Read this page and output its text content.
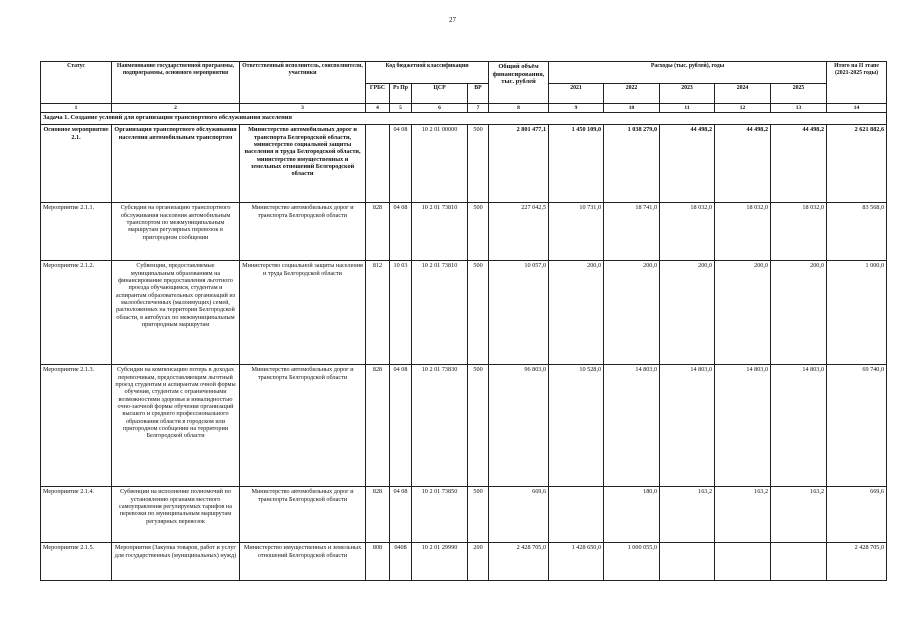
27
Статус	Наименование государственной программы, подпрограммы, основного мероприятия	Ответственный исполнитель, соисполнители, участники	Код бюджетной классификации				Общий объём финансирования, тыс. рублей	Расходы (тыс. рублей), годы					Итого на II этапе (2021-2025 годы)
			ГРБС	Рз Пр	ЦСР	ВР		2021	2022	2023	2024	2025	
1	2	3	4	5	6	7	8	9	10	11	12	13	14
Задача 1. Создание условий для организации транспортного обслуживания населения													
Основное мероприятие 2.1.	Организация транспортного обслуживания населения автомобильным транспортом	Министерство автомобильных дорог и транспорта Белгородской области, министерство социальной защиты населения и труда Белгородской области, министерство имущественных и земельных отношений Белгородской области		04 08	10 2 01 00000	500	2 801 477,1	1 450 109,0	1 038 279,0	44 498,2	44 498,2	44 498,2	2 621 882,6
Мероприятие 2.1.1.	Субсидии на организацию транспортного обслуживания населения автомобильным транспортом по межмуниципальным маршрутам регулярных перевозок в пригородном сообщении	Министерство автомобильных дорог и транспорта Белгородской области	828	04 08	10 2 01 73810	500	227 042,5	10 731,0	18 741,0	18 032,0	18 032,0	18 032,0	83 568,0
Мероприятие 2.1.2.	Субвенции, предоставляемые муниципальным образованиям на финансирование предоставления льготного проезда обучающимся, студентам и аспирантам образовательных организаций из малообеспеченных (малоимущих) семей, расположенных на территории Белгородской области, в автобусах по межмуниципальным пригородным маршрутам	Министерство социальной защиты населения и труда Белгородской области	812	10 03	10 2 01 73810	500	10 057,0	200,0	200,0	200,0	200,0	200,0	1 000,0
Мероприятие 2.1.3.	Субсидии на компенсацию потерь в доходах перевозчикам, предоставляющим льготный проезд студентам и аспирантам очной формы обучения, студентам с ограниченными возможностями здоровья и инвалидностью очно-заочной формы обучения организаций высшего и среднего профессионального образования области в городском или пригородном сообщении на территории Белгородской области	Министерство автомобильных дорог и транспорта Белгородской области	828	04 08	10 2 01 73830	500	96 803,0	10 528,0	14 803,0	14 803,0	14 803,0	14 803,0	69 740,0
Мероприятие 2.1.4.	Субвенции на исполнение полномочий по установлению органами местного самоуправления регулируемых тарифов на перевозки по муниципальным маршрутам регулярных перевозок	Министерство автомобильных дорог и транспорта Белгородской области	828	04 08	10 2 01 73850	500	669,6		180,0	163,2	163,2	163,2	669,6
Мероприятие 2.1.5.	Мероприятия (Закупка товаров, работ и услуг для государственных (муниципальных) нужд)	Министерство имущественных и земельных отношений Белгородской области	808	0408	10 2 01 29990	200	2 428 705,0	1 428 650,0	1 000 055,0				2 428 705,0
